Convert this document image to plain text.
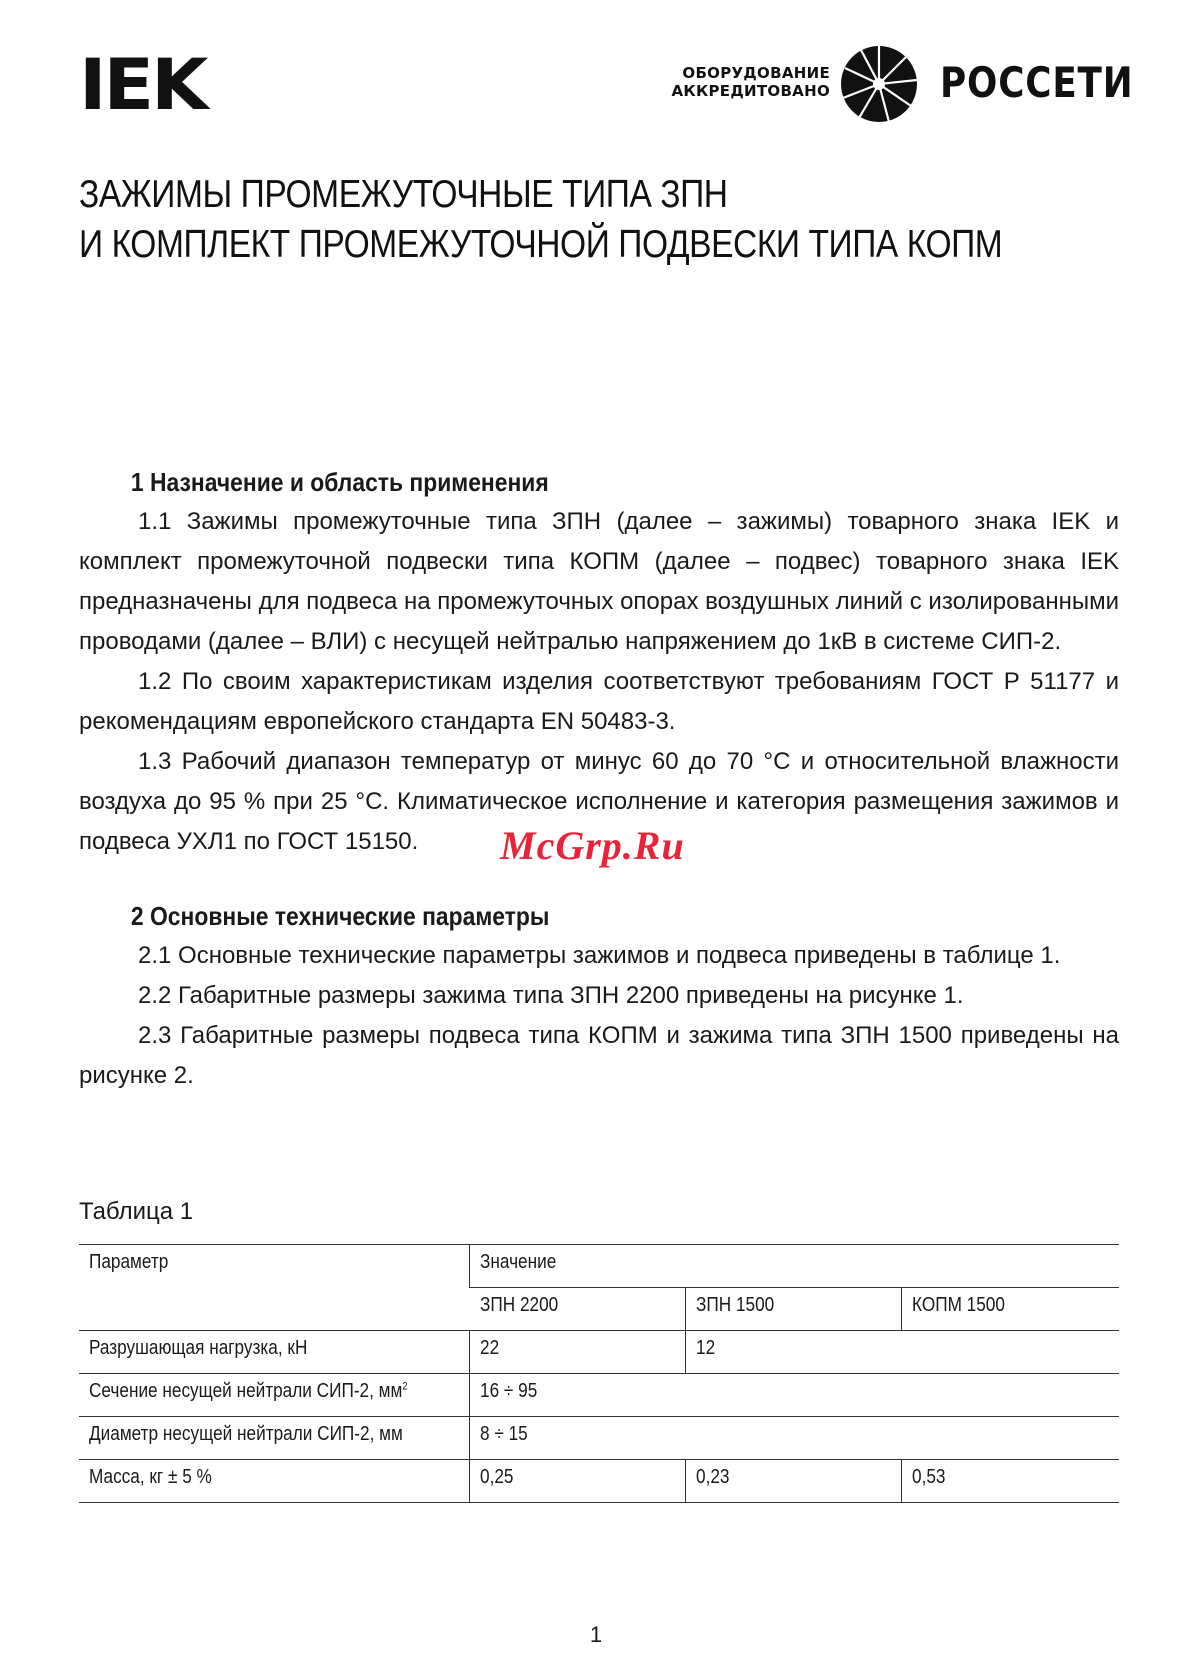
IEK	ОБОРУДОВАНИЕ
АККРЕДИТОВАНО	РОССЕТИ
ЗАЖИМЫ ПРОМЕЖУТОЧНЫЕ ТИПА ЗПН
И КОМПЛЕКТ ПРОМЕЖУТОЧНОЙ ПОДВЕСКИ ТИПА КОПМ

1 Назначение и область применения

1.1 Зажимы промежуточные типа ЗПН (далее – зажимы) товарного знака IEK и комплект промежуточной подвески типа КОПМ (далее – подвес) товарного знака IEK предназначены для подвеса на промежуточных опорах воздушных линий с изолированными проводами (далее – ВЛИ) с несущей нейтралью напряжением до 1кВ в системе СИП-2.

1.2 По своим характеристикам изделия соответствуют требованиям ГОСТ Р 51177 и рекомендациям европейского стандарта EN 50483-3.

1.3 Рабочий диапазон температур от минус 60 до 70 °С и относительной влажности воздуха до 95 % при 25 °С. Климатическое исполнение и категория размещения зажимов и подвеса УХЛ1 по ГОСТ 15150.

2 Основные технические параметры

2.1 Основные технические параметры зажимов и подвеса приведены в таблице 1.

2.2 Габаритные размеры зажима типа ЗПН 2200 приведены на рисунке 1.

2.3 Габаритные размеры подвеса типа КОПМ и зажима типа ЗПН 1500 приведены на рисунке 2.

McGrp.Ru
Таблица 1
Параметр	Значение		
	ЗПН 2200	ЗПН 1500	КОПМ 1500
Разрушающая нагрузка, кН	22	12	
Сечение несущей нейтрали СИП-2, $мм^2$	16 ÷ 95		
Диаметр несущей нейтрали СИП-2, мм	8 ÷ 15		
Масса, кг ± 5 %	0,25	0,23	0,53
1
